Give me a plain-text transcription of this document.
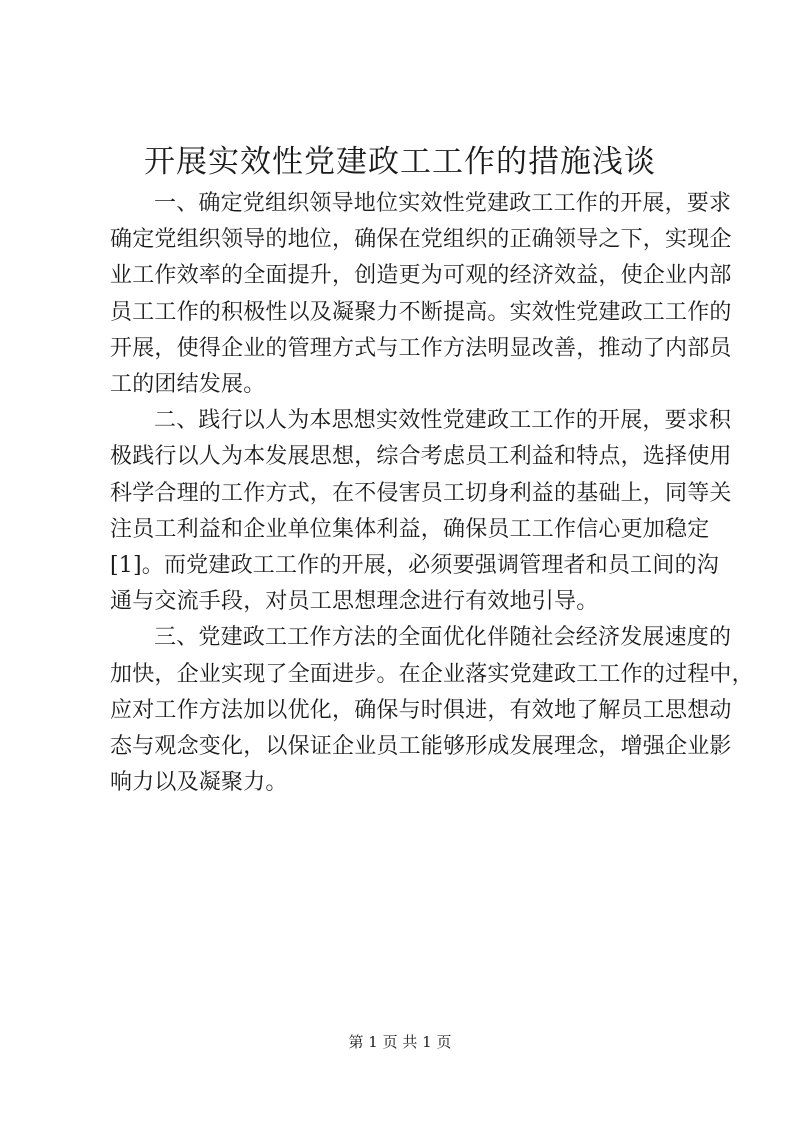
开展实效性党建政工工作的措施浅谈
一、确定党组织领导地位实效性党建政工工作的开展，要求
确定党组织领导的地位，确保在党组织的正确领导之下，实现企
业工作效率的全面提升，创造更为可观的经济效益，使企业内部
员工工作的积极性以及凝聚力不断提高。实效性党建政工工作的
开展，使得企业的管理方式与工作方法明显改善，推动了内部员
工的团结发展。
二、践行以人为本思想实效性党建政工工作的开展，要求积
极践行以人为本发展思想，综合考虑员工利益和特点，选择使用
科学合理的工作方式，在不侵害员工切身利益的基础上，同等关
注员工利益和企业单位集体利益，确保员工工作信心更加稳定
[1]。而党建政工工作的开展，必须要强调管理者和员工间的沟
通与交流手段，对员工思想理念进行有效地引导。
三、党建政工工作方法的全面优化伴随社会经济发展速度的
加快，企业实现了全面进步。在企业落实党建政工工作的过程中，
应对工作方法加以优化，确保与时俱进，有效地了解员工思想动
态与观念变化，以保证企业员工能够形成发展理念，增强企业影
响力以及凝聚力。
第 1 页 共 1 页
